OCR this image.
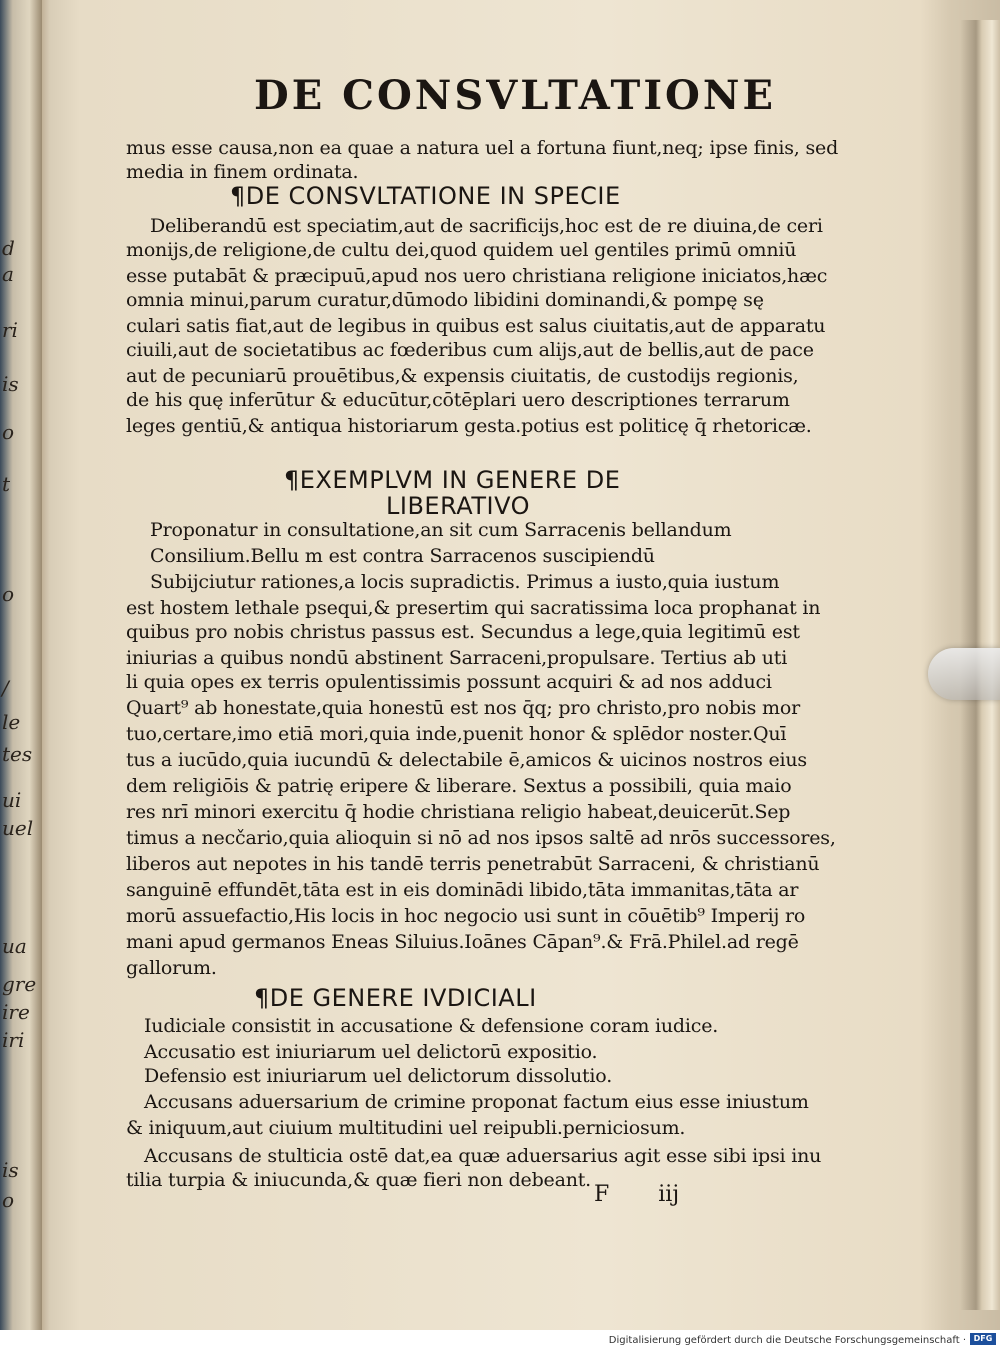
d
a
ri
is
o
t
o
/
le
tes
ui
uel
ua
gre
ire
iri
is
o
DE CONSVLTATIONE
mus esse causa,non ea quae a natura uel a fortuna fiunt,neq; ipse finis, sed
media in finem ordinata.
¶DE CONSVLTATIONE IN SPECIE
Deliberandū est speciatim,aut de sacrificijs,hoc est de re diuina,de ceri
monijs,de religione,de cultu dei,quod quidem uel gentiles primū omniū
esse putabāt & præcipuū,apud nos uero christiana religione iniciatos,hæc
omnia minui,parum curatur,dūmodo libidini dominandi,& pompę sę
culari satis fiat,aut de legibus in quibus est salus ciuitatis,aut de apparatu
ciuili,aut de societatibus ac fœderibus cum alijs,aut de bellis,aut de pace
aut de pecuniarū prouētibus,& expensis ciuitatis, de custodijs regionis,
de his quę inferūtur & educūtur,cōtēplari uero descriptiones terrarum
leges gentiū,& antiqua historiarum gesta.potius est politicę q̄ rhetoricæ.
¶EXEMPLVM IN GENERE DE
LIBERATIVO
Proponatur in consultatione,an sit cum Sarracenis bellandum
Consilium.Bellu m est contra Sarracenos suscipiendū
Subijciutur rationes,a locis supradictis. Primus a iusto,quia iustum
est hostem lethale psequi,& presertim qui sacratissima loca prophanat in
quibus pro nobis christus passus est. Secundus a lege,quia legitimū est
iniurias a quibus nondū abstinent Sarraceni,propulsare. Tertius ab uti
li quia opes ex terris opulentissimis possunt acquiri & ad nos adduci
Quart⁹ ab honestate,quia honestū est nos q̄q; pro christo,pro nobis mor
tuo,certare,imo etiā mori,quia inde,puenit honor & splēdor noster.Quī
tus a iucūdo,quia iucundū & delectabile ē,amicos & uicinos nostros eius
dem religiōis & patrię eripere & liberare. Sextus a possibili, quia maio
res nrī minori exercitu q̄ hodie christiana religio habeat,deuicerūt.Sep
timus a necčario,quia alioquin si nō ad nos ipsos saltē ad nrōs successores,
liberos aut nepotes in his tandē terris penetrabūt Sarraceni, & christianū
sanguinē effundēt,tāta est in eis dominādi libido,tāta immanitas,tāta ar
morū assuefactio,His locis in hoc negocio usi sunt in cōuētib⁹ Imperij ro
mani apud germanos Eneas Siluius.Ioānes Cāpan⁹.& Frā.Philel.ad regē
gallorum.
¶DE GENERE IVDICIALI
Iudiciale consistit in accusatione & defensione coram iudice.
Accusatio est iniuriarum uel delictorū expositio.
Defensio est iniuriarum uel delictorum dissolutio.
Accusans aduersarium de crimine proponat factum eius esse iniustum
& iniquum,aut ciuium multitudini uel reipubli.perniciosum.
Accusans de stulticia ostē dat,ea quæ aduersarius agit esse sibi ipsi inu
tilia turpia & iniucunda,& quæ fieri non debeant.
F iij
Digitalisierung gefördert durch die Deutsche Forschungsgemeinschaft · DFG
